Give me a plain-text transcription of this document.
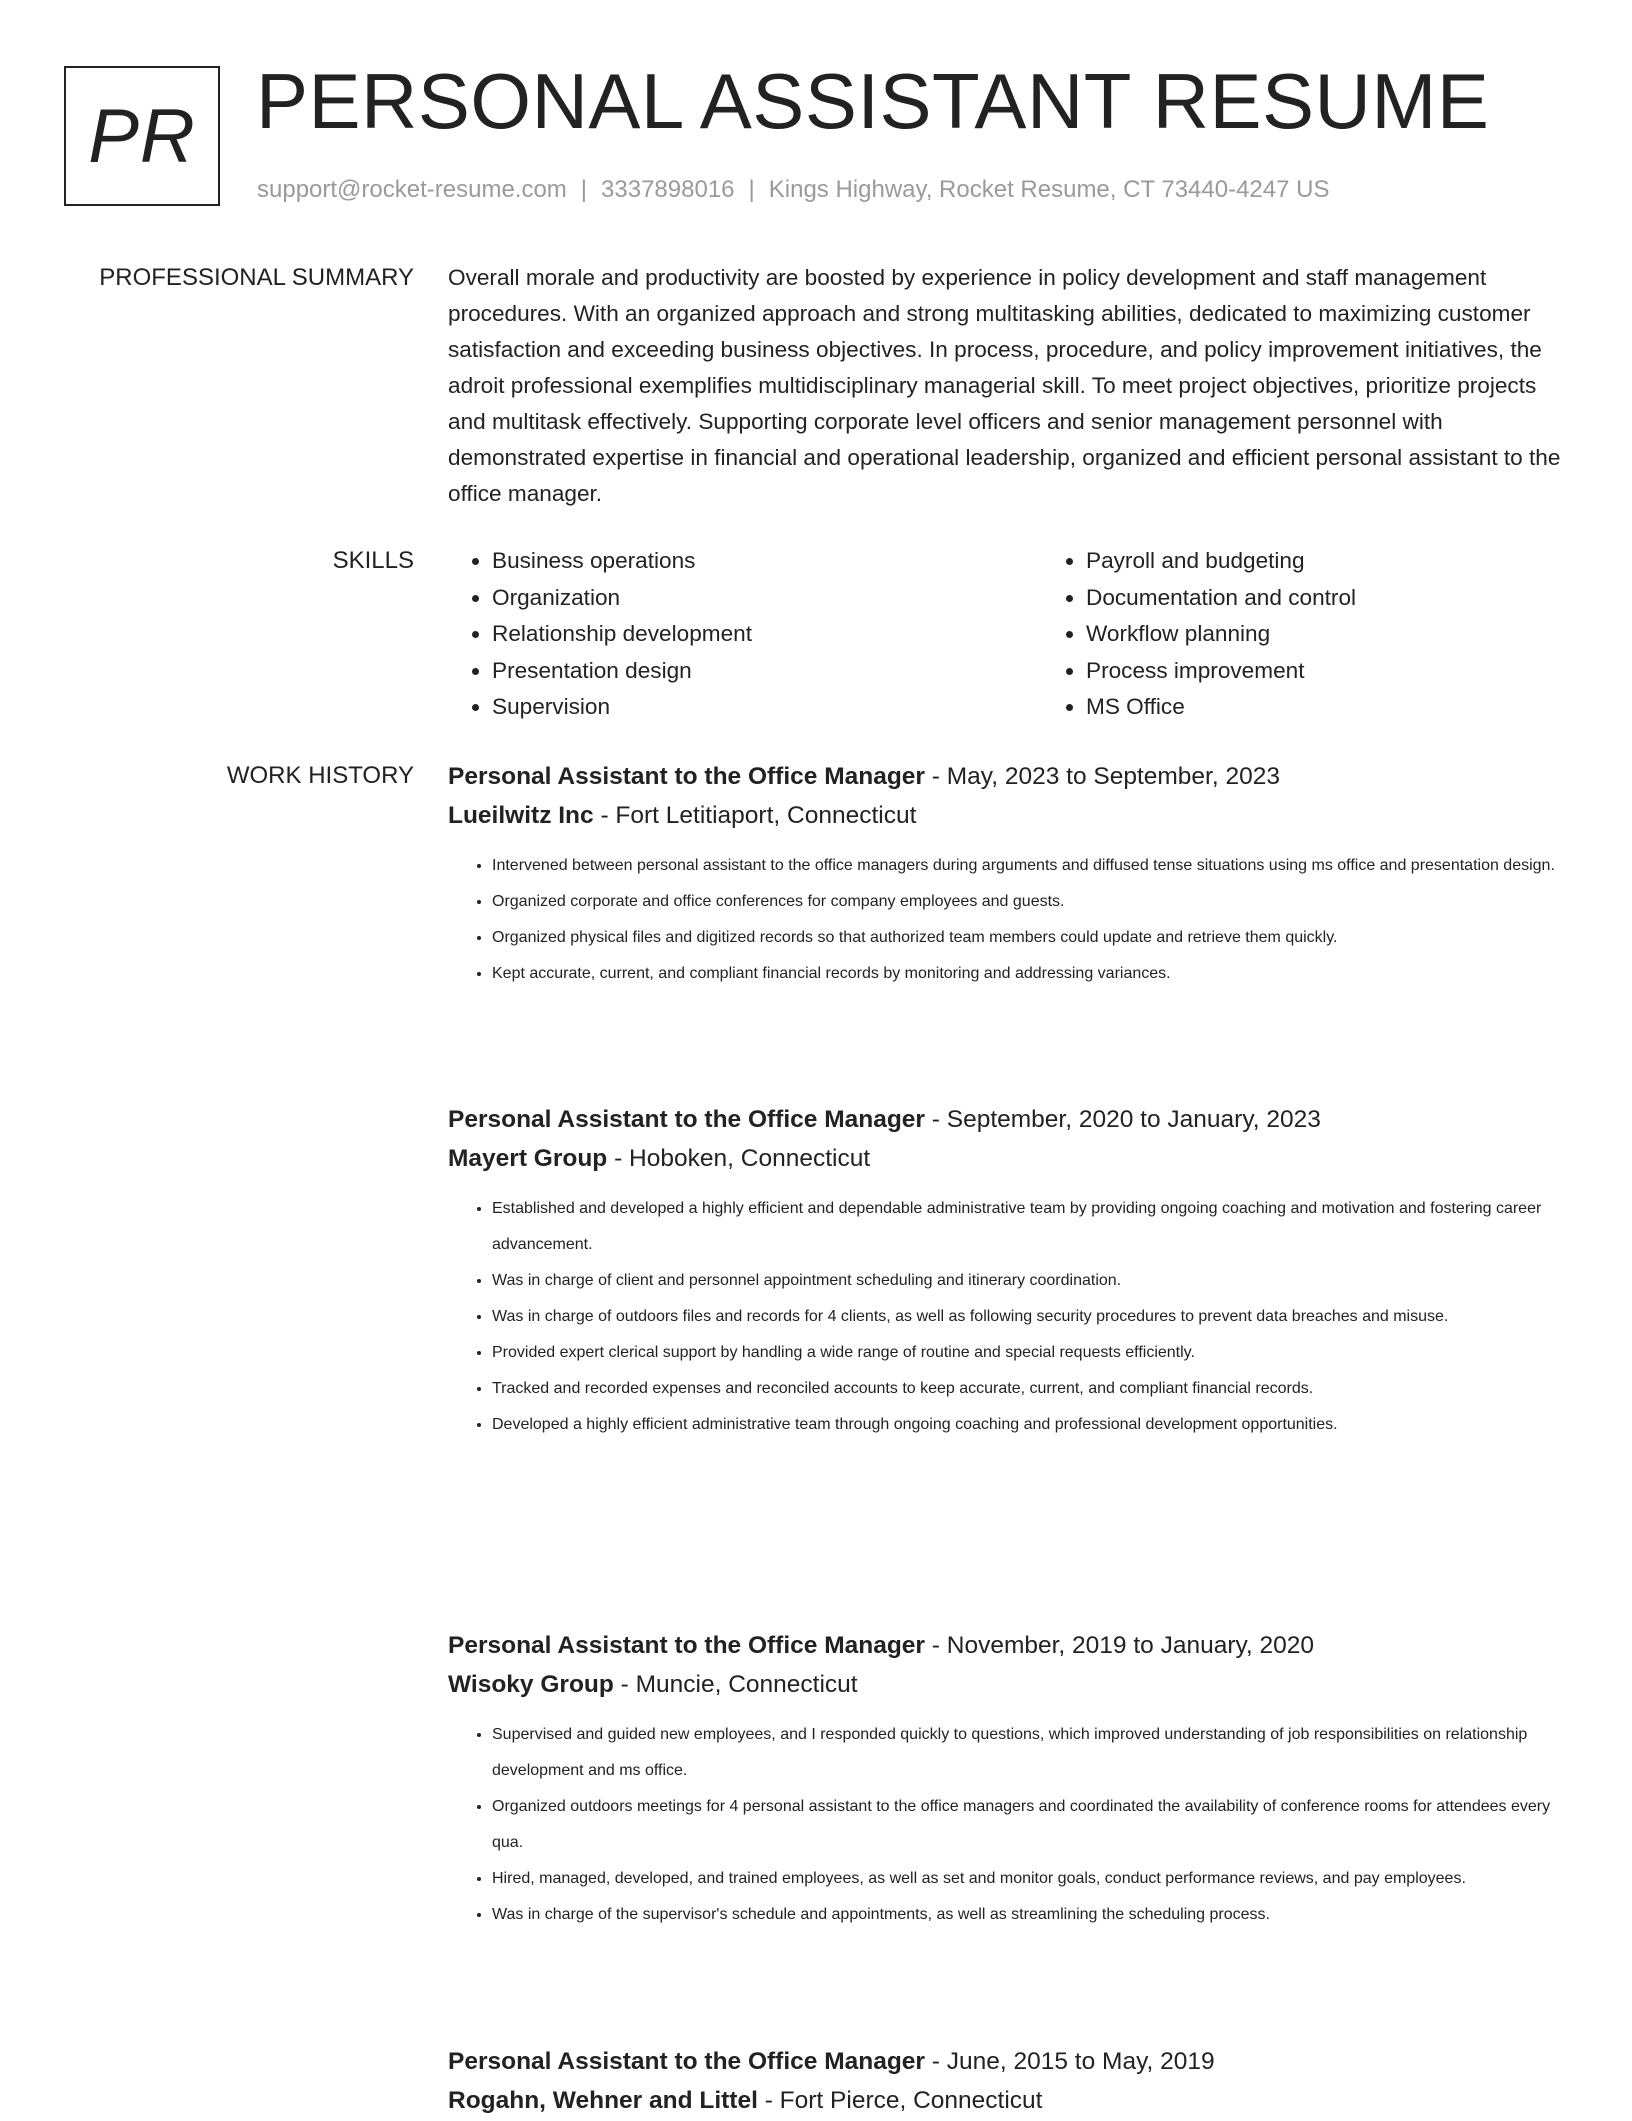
PR PERSONAL ASSISTANT RESUME
support@rocket-resume.com | 3337898016 | Kings Highway, Rocket Resume, CT 73440-4247 US
PROFESSIONAL SUMMARY Overall morale and productivity are boosted by experience in policy development and staff management procedures. With an organized approach and strong multitasking abilities, dedicated to maximizing customer satisfaction and exceeding business objectives. In process, procedure, and policy improvement initiatives, the adroit professional exemplifies multidisciplinary managerial skill. To meet project objectives, prioritize projects and multitask effectively. Supporting corporate level officers and senior management personnel with demonstrated expertise in financial and operational leadership, organized and efficient personal assistant to the office manager.

SKILLS
•	Business operations
• Organization
• Relationship development
• Presentation design
• Supervision
• Payroll and budgeting
• Documentation and control
• Workflow planning
• Process improvement
• MS Office
WORK HISTORY Personal Assistant to the Office Manager - May, 2023 to September, 2023
Lueilwitz Inc - Fort Letitiaport, Connecticut
• Intervened between personal assistant to the office managers during arguments and diffused tense situations using ms office and presentation design.
• Organized corporate and office conferences for company employees and guests.
• Organized physical files and digitized records so that authorized team members could update and retrieve them quickly.
• Kept accurate, current, and compliant financial records by monitoring and addressing variances.
Personal Assistant to the Office Manager - September, 2020 to January, 2023
Mayert Group - Hoboken, Connecticut
• Established and developed a highly efficient and dependable administrative team by providing ongoing coaching and motivation and fostering career advancement.
• Was in charge of client and personnel appointment scheduling and itinerary coordination.
• Was in charge of outdoors files and records for 4 clients, as well as following security procedures to prevent data breaches and misuse.
• Provided expert clerical support by handling a wide range of routine and special requests efficiently.
• Tracked and recorded expenses and reconciled accounts to keep accurate, current, and compliant financial records.
• Developed a highly efficient administrative team through ongoing coaching and professional development opportunities.
Personal Assistant to the Office Manager - November, 2019 to January, 2020
Wisoky Group - Muncie, Connecticut
• Supervised and guided new employees, and I responded quickly to questions, which improved understanding of job responsibilities on relationship development and ms office.
• Organized outdoors meetings for 4 personal assistant to the office managers and coordinated the availability of conference rooms for attendees every qua.
• Hired, managed, developed, and trained employees, as well as set and monitor goals, conduct performance reviews, and pay employees.
• Was in charge of the supervisor's schedule and appointments, as well as streamlining the scheduling process.
Personal Assistant to the Office Manager - June, 2015 to May, 2019
Rogahn, Wehner and Littel - Fort Pierce, Connecticut
